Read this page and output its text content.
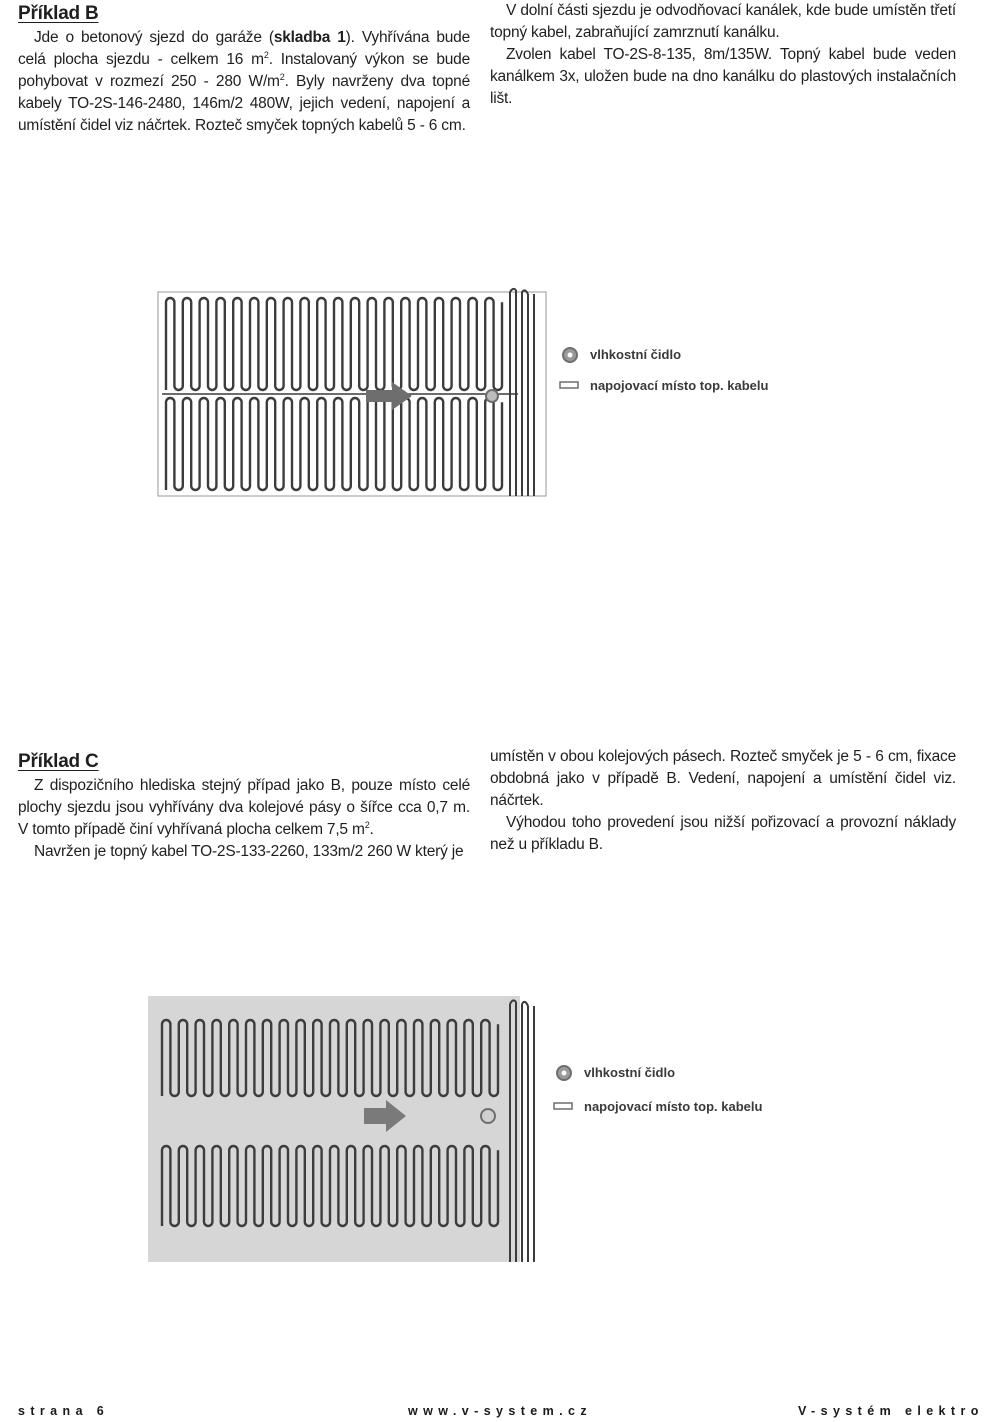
Příklad B

Jde o betonový sjezd do garáže (skladba 1). Vyhřívána bude celá plocha sjezdu - celkem 16 $m^2$. Instalovaný výkon se bude pohybovat v rozmezí 250 - 280 $W/m^2$. Byly navrženy dva topné kabely TO-2S-146-2480, 146m/2 480W, jejich vedení, napojení a umístění čidel viz náčrtek. Rozteč smyček topných kabelů 5 - 6 cm.

V dolní části sjezdu je odvodňovací kanálek, kde bude umístěn třetí topný kabel, zabraňující zamrznutí kanálku.

Zvolen kabel TO-2S-8-135, 8m/135W. Topný kabel bude veden kanálkem 3x, uložen bude na dno kanálku do plastových instalačních lišt.

vlhkostní čidlo
napojovací místo top. kabelu
Příklad C

Z dispozičního hlediska stejný případ jako B, pouze místo celé plochy sjezdu jsou vyhřívány dva kolejové pásy o šířce cca 0,7 m. V tomto případě činí vyhřívaná plocha celkem 7,5 $m^2$.

Navržen je topný kabel TO-2S-133-2260, 133m/2 260 W který je

umístěn v obou kolejových pásech. Rozteč smyček je 5 - 6 cm, fixace obdobná jako v případě B. Vedení, napojení a umístění čidel viz. náčrtek.

Výhodou toho provedení jsou nižší pořizovací a provozní náklady než u příkladu B.

vlhkostní čidlo
napojovací místo top. kabelu
strana 6	www.v-system.cz	V-systém elektro
